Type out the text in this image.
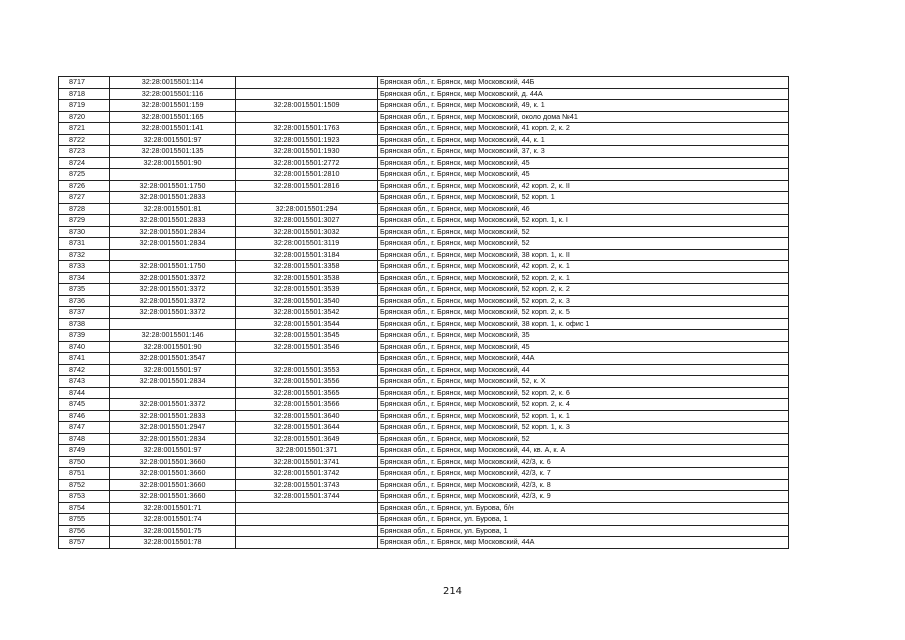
8717	32:28:0015501:114		Брянская обл., г. Брянск, мкр Московский, 44Б
8718	32:28:0015501:116		Брянская обл., г. Брянск, мкр Московский, д. 44А
8719	32:28:0015501:159	32:28:0015501:1509	Брянская обл., г. Брянск, мкр Московский, 49, к. 1
8720	32:28:0015501:165		Брянская обл., г. Брянск, мкр Московский, около дома №41
8721	32:28:0015501:141	32:28:0015501:1763	Брянская обл., г. Брянск, мкр Московский, 41 корп. 2, к. 2
8722	32:28:0015501:97	32:28:0015501:1923	Брянская обл., г. Брянск, мкр Московский, 44, к. 1
8723	32:28:0015501:135	32:28:0015501:1930	Брянская обл., г. Брянск, мкр Московский, 37, к. 3
8724	32:28:0015501:90	32:28:0015501:2772	Брянская обл., г. Брянск, мкр Московский, 45
8725		32:28:0015501:2810	Брянская обл., г. Брянск, мкр Московский, 45
8726	32:28:0015501:1750	32:28:0015501:2816	Брянская обл., г. Брянск, мкр Московский, 42 корп. 2, к. II
8727	32:28:0015501:2833		Брянская обл., г. Брянск, мкр Московский, 52 корп. 1
8728	32:28:0015501:81	32:28:0015501:294	Брянская обл., г. Брянск, мкр Московский, 46
8729	32:28:0015501:2833	32:28:0015501:3027	Брянская обл., г. Брянск, мкр Московский, 52 корп. 1, к. I
8730	32:28:0015501:2834	32:28:0015501:3032	Брянская обл., г. Брянск, мкр Московский, 52
8731	32:28:0015501:2834	32:28:0015501:3119	Брянская обл., г. Брянск, мкр Московский, 52
8732		32:28:0015501:3184	Брянская обл., г. Брянск, мкр Московский, 38 корп. 1, к. II
8733	32:28:0015501:1750	32:28:0015501:3358	Брянская обл., г. Брянск, мкр Московский, 42 корп. 2, к. 1
8734	32:28:0015501:3372	32:28:0015501:3538	Брянская обл., г. Брянск, мкр Московский, 52 корп. 2, к. 1
8735	32:28:0015501:3372	32:28:0015501:3539	Брянская обл., г. Брянск, мкр Московский, 52 корп. 2, к. 2
8736	32:28:0015501:3372	32:28:0015501:3540	Брянская обл., г. Брянск, мкр Московский, 52 корп. 2, к. 3
8737	32:28:0015501:3372	32:28:0015501:3542	Брянская обл., г. Брянск, мкр Московский, 52 корп. 2, к. 5
8738		32:28:0015501:3544	Брянская обл., г. Брянск, мкр Московский, 38 корп. 1, к. офис 1
8739	32:28:0015501:146	32:28:0015501:3545	Брянская обл., г. Брянск, мкр Московский, 35
8740	32:28:0015501:90	32:28:0015501:3546	Брянская обл., г. Брянск, мкр Московский, 45
8741	32:28:0015501:3547		Брянская обл., г. Брянск, мкр Московский, 44А
8742	32:28:0015501:97	32:28:0015501:3553	Брянская обл., г. Брянск, мкр Московский, 44
8743	32:28:0015501:2834	32:28:0015501:3556	Брянская обл., г. Брянск, мкр Московский, 52, к. X
8744		32:28:0015501:3565	Брянская обл., г. Брянск, мкр Московский, 52 корп. 2, к. 6
8745	32:28:0015501:3372	32:28:0015501:3566	Брянская обл., г. Брянск, мкр Московский, 52 корп. 2, к. 4
8746	32:28:0015501:2833	32:28:0015501:3640	Брянская обл., г. Брянск, мкр Московский, 52 корп. 1, к. 1
8747	32:28:0015501:2947	32:28:0015501:3644	Брянская обл., г. Брянск, мкр Московский, 52 корп. 1, к. 3
8748	32:28:0015501:2834	32:28:0015501:3649	Брянская обл., г. Брянск, мкр Московский, 52
8749	32:28:0015501:97	32:28:0015501:371	Брянская обл., г. Брянск, мкр Московский, 44, кв. А, к. А
8750	32:28:0015501:3660	32:28:0015501:3741	Брянская обл., г. Брянск, мкр Московский, 42/3, к. 6
8751	32:28:0015501:3660	32:28:0015501:3742	Брянская обл., г. Брянск, мкр Московский, 42/3, к. 7
8752	32:28:0015501:3660	32:28:0015501:3743	Брянская обл., г. Брянск, мкр Московский, 42/3, к. 8
8753	32:28:0015501:3660	32:28:0015501:3744	Брянская обл., г. Брянск, мкр Московский, 42/3, к. 9
8754	32:28:0015501:71		Брянская обл., г. Брянск, ул. Бурова, б/н
8755	32:28:0015501:74		Брянская обл., г. Брянск, ул. Бурова, 1
8756	32:28:0015501:75		Брянская обл., г. Брянск, ул. Бурова, 1
8757	32:28:0015501:78		Брянская обл., г. Брянск, мкр Московский, 44А
214
